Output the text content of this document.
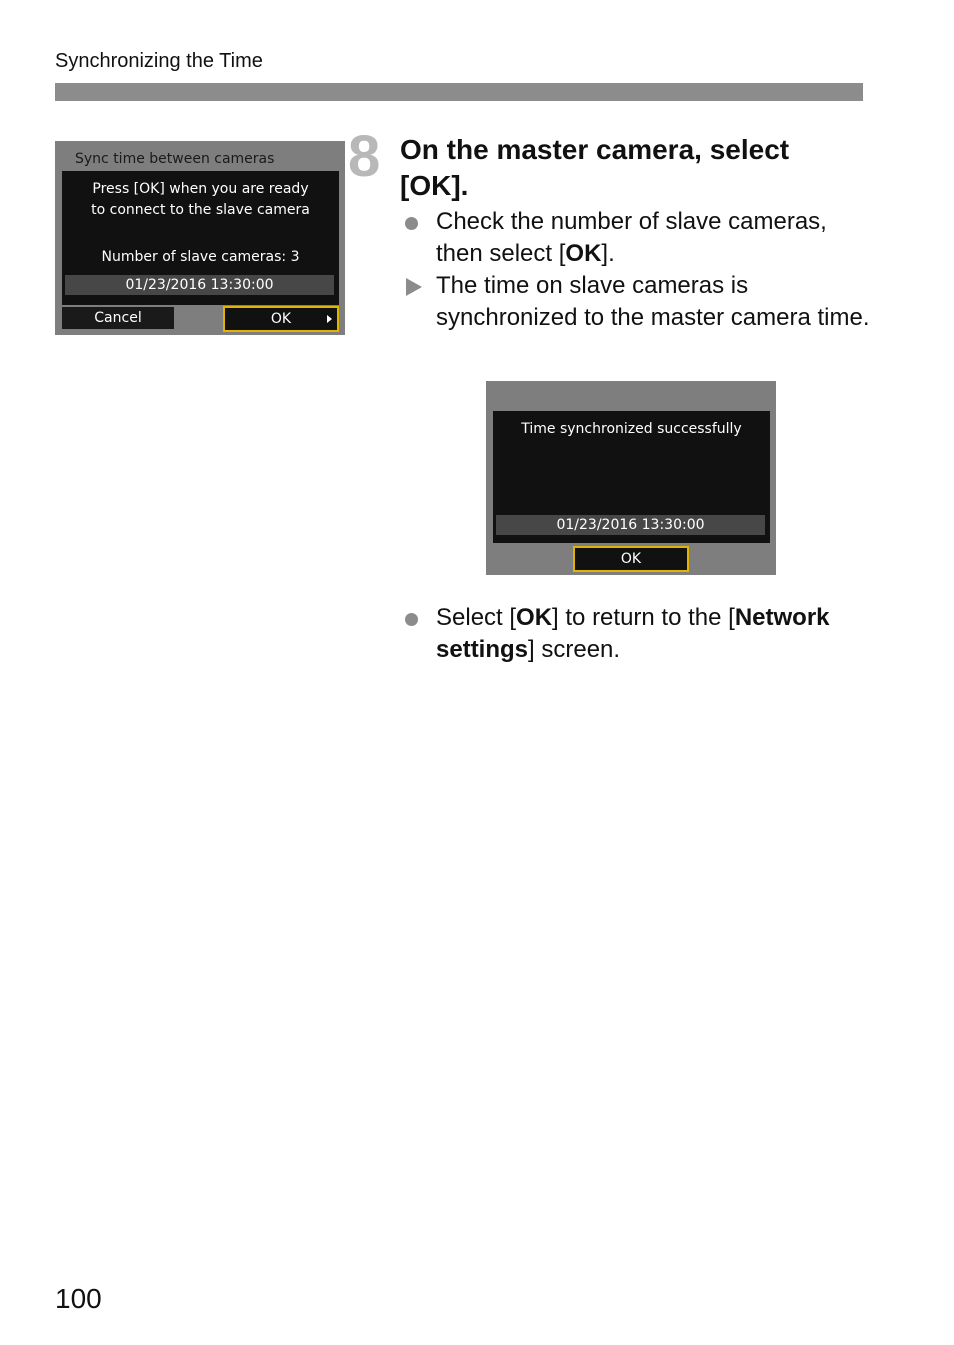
Synchronizing the Time
Sync time between cameras
Press [OK] when you are ready
to connect to the slave camera
Number of slave cameras: 3
01/23/2016 13:30:00
Cancel	OK
8 On the master camera, select [OK].
Check the number of slave cameras, then select [OK].
The time on slave cameras is synchronized to the master camera time.
Time synchronized successfully
01/23/2016 13:30:00
OK
Select [OK] to return to the [Network settings] screen.
100
